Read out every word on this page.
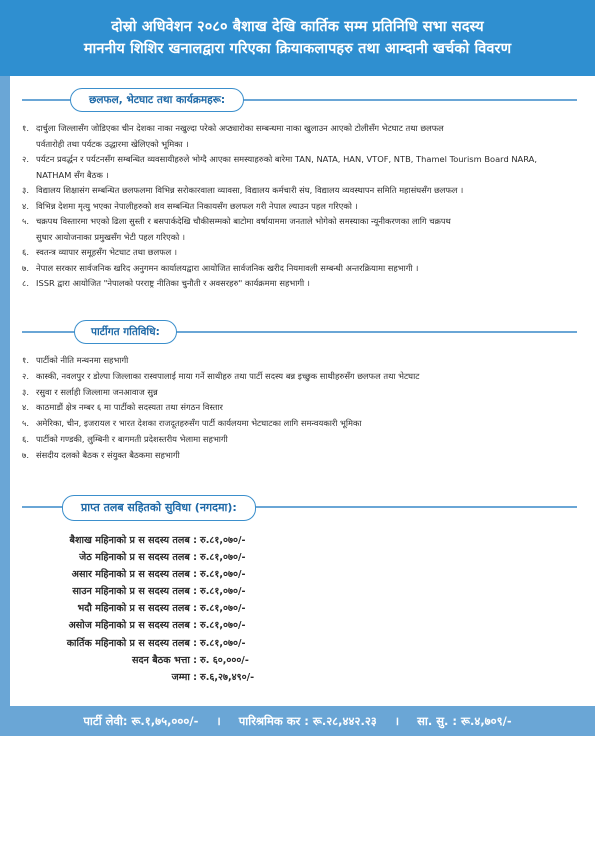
दोस्रो अधिवेशन २०८० बैशाख देखि कार्तिक सम्म प्रतिनिधि सभा सदस्य
माननीय शिशिर खनालद्वारा गरिएका क्रियाकलापहरु तथा आम्दानी खर्चको विवरण
छलफल, भेटघाट तथा कार्यक्रमहरू:
१. दार्चुला जिल्लासँग जोडिएका चीन देशका नाका नखुल्दा परेको अप्ठ्यारोका सम्बन्धमा नाका खुलाउन आएको टोलीसँग भेटघाट तथा छलफल
पर्वतारोही तथा पर्यटक उद्धारमा खेलिएको भूमिका ।
२. पर्यटन प्रवर्द्धन र पर्यटनसँग सम्बन्धित व्यवसायीहरुले भोग्दै आएका समस्याहरुको बारेमा TAN, NATA, HAN, VTOF, NTB, Thamel Tourism Board NARA,
NATHAM सँग बैठक ।
३. विद्यालय शिक्षासंग सम्बन्धित छलफलमा विभिन्न सरोकारवाला व्यावसा, विद्यालय कर्मचारी संघ, विद्यालय व्यवस्थापन समिति महासंघसँग छलफल ।
४. विभिन्न देशमा मृत्यु भएका नेपालीहरुको शव सम्बन्धित निकायसँग छलफल गरी नेपाल ल्याउन पहल गरिएको ।
५. चक्रपथ विस्तारमा भएको ढिला सुस्ती र बसपार्कदेखि चौकीसम्मको बाटोमा वर्षायाममा जनताले भोगेको समस्याका न्यूनीकरणका लागि चक्रपथ
सुधार आयोजनाका प्रमुखसँग भेटी पहल गरिएको ।
६. स्वतन्त्र व्यापार समूहसँग भेटघाट तथा छलफल ।
७. नेपाल सरकार सार्वजनिक खरिद अनुगमन कार्यालयद्वारा आयोजित सार्वजनिक खरीद नियमावली सम्बन्धी अन्तरक्रियामा सहभागी ।
८. ISSR द्वारा आयोजित "नेपालको परराष्ट्र नीतिका चुनौती र अवसरहरु" कार्यक्रममा सहभागी ।
पार्टीगत गतिविधि:
१. पार्टीको नीति मन्थनमा सहभागी
२. कास्की, नवलपुर र डोल्पा जिल्लाका रास्वपालाई माया गर्ने साथीहरु तथा पार्टी सदस्य बन्न इच्छुक साथीहरुसँग छलफल तथा भेटघाट
३. रसुवा र सर्लाही जिल्लामा जनआवाज सुन्न
४. काठमाडौं क्षेत्र नम्बर ६ मा पार्टीको सदस्यता तथा संगठन विस्तार
५. अमेरिका, चीन, इजरायल र भारत देशका राजदूतहरुसँग पार्टी कार्यलयमा भेटघाटका लागि समन्वयकारी भूमिका
६. पार्टीको गण्डकी, लुम्बिनी र बागमती प्रदेशस्तरीय भेलामा सहभागी
७. संसदीय दलको बैठक र संयुक्त बैठकमा सहभागी
प्राप्त तलब सहितको सुविधा (नगदमा):
बैशाख महिनाको प्र स सदस्य तलब : रु.८१,०७०/-
जेठ महिनाको प्र स सदस्य तलब : रु.८१,०७०/-
असार महिनाको प्र स सदस्य तलब : रु.८१,०७०/-
साउन महिनाको प्र स सदस्य तलब : रु.८१,०७०/-
भदौ महिनाको प्र स सदस्य तलब : रु.८१,०७०/-
असोज महिनाको प्र स सदस्य तलब : रु.८१,०७०/-
कार्तिक महिनाको प्र स सदस्य तलब : रु.८१,०७०/-
सदन बैठक भत्ता : रु. ६०,०००/-
जम्मा : रु.६,२७,४९०/-
पार्टी लेवी: रू.१,७५,०००/- । पारिश्रमिक कर : रू.२८,४४२.२३ । सा. सु. : रू.४,७०९/-
